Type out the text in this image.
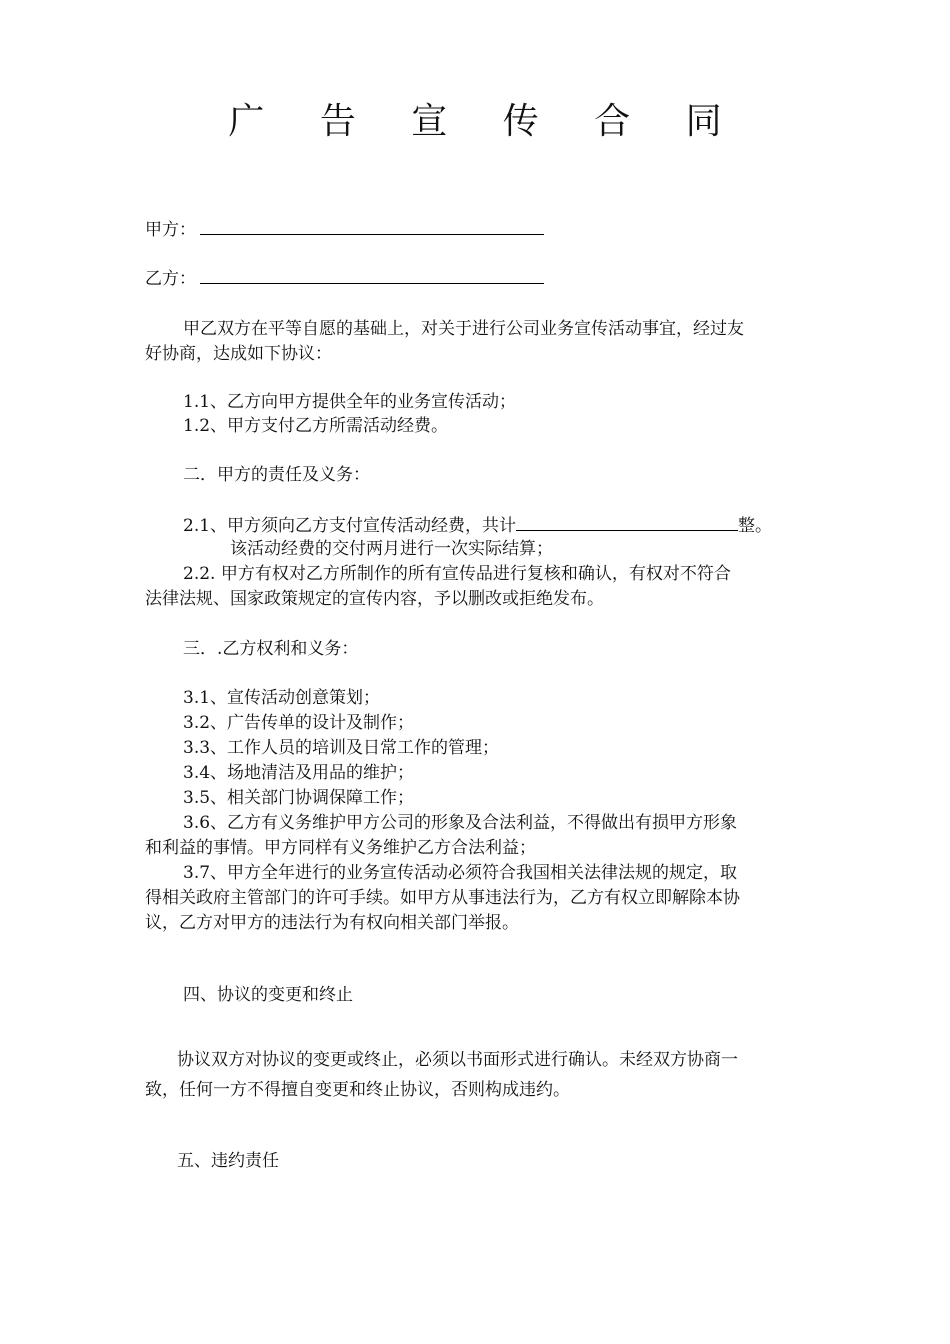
广 告 宣 传 合 同
甲方：
乙方：
甲乙双方在平等自愿的基础上，对关于进行公司业务宣传活动事宜，经过友
好协商，达成如下协议：
1.1、乙方向甲方提供全年的业务宣传活动；
1.2、甲方支付乙方所需活动经费。
二．甲方的责任及义务：
2.1、甲方须向乙方支付宣传活动经费，共计	整。
该活动经费的交付两月进行一次实际结算；
2.2. 甲方有权对乙方所制作的所有宣传品进行复核和确认，有权对不符合
法律法规、国家政策规定的宣传内容，予以删改或拒绝发布。
三．.乙方权利和义务：
3.1、宣传活动创意策划；
3.2、广告传单的设计及制作；
3.3、工作人员的培训及日常工作的管理；
3.4、场地清洁及用品的维护；
3.5、相关部门协调保障工作；
3.6、乙方有义务维护甲方公司的形象及合法利益，不得做出有损甲方形象
和利益的事情。甲方同样有义务维护乙方合法利益；
3.7、甲方全年进行的业务宣传活动必须符合我国相关法律法规的规定，取
得相关政府主管部门的许可手续。如甲方从事违法行为，乙方有权立即解除本协
议，乙方对甲方的违法行为有权向相关部门举报。
四、协议的变更和终止
协议双方对协议的变更或终止，必须以书面形式进行确认。未经双方协商一
致，任何一方不得擅自变更和终止协议，否则构成违约。
五、违约责任
